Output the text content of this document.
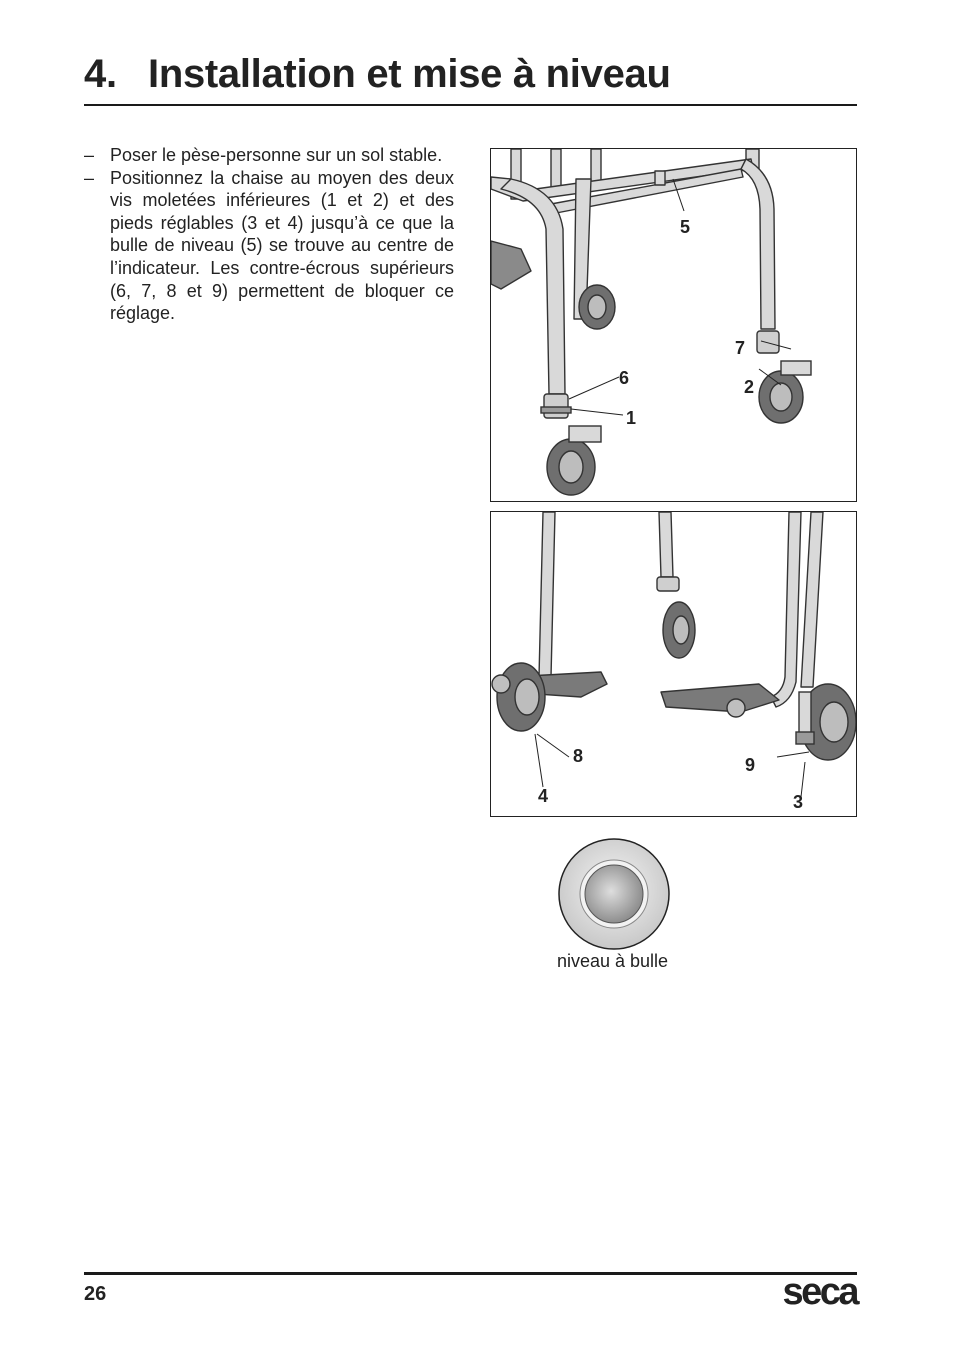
4. Installation et mise à niveau
– Poser le pèse-personne sur un sol stable.
– Positionnez la chaise au moyen des deux vis moletées inférieures (1 et 2) et des pieds réglables (3 et 4) jusqu’à ce que la bulle de niveau (5) se trouve au centre de l’indicateur. Les contre-écrous supérieurs (6, 7, 8 et 9) permettent de bloquer ce réglage.
5
7
2
6
1
8
4
9
3
niveau à bulle
26	seca
